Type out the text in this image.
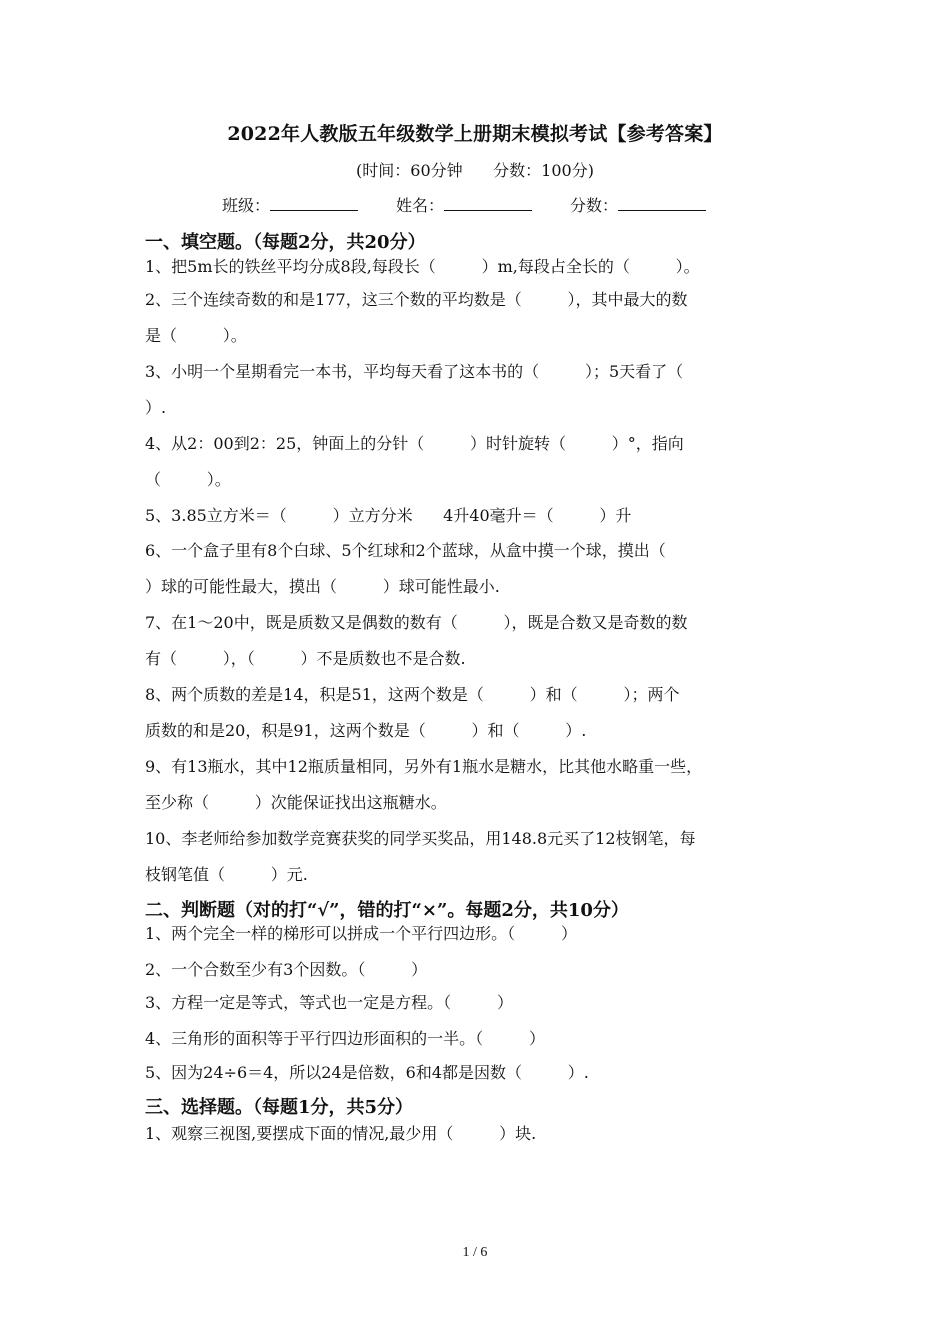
2022年人教版五年级数学上册期末模拟考试【参考答案】
(时间：60分钟      分数：100分)
班级：	姓名：	分数：
一、填空题。（每题2分，共20分）
1、把5m长的铁丝平均分成8段,每段长（         ）m,每段占全长的（         ）。
2、三个连续奇数的和是177，这三个数的平均数是（         ），其中最大的数
是（         ）。
3、小明一个星期看完一本书，平均每天看了这本书的（         ）；5天看了（
）.
4、从2：00到2：25，钟面上的分针（         ）时针旋转（         ）°，指向
（         ）。
5、3.85立方米＝（         ）立方分米      4升40毫升＝（         ）升
6、一个盒子里有8个白球、5个红球和2个蓝球，从盒中摸一个球，摸出（
）球的可能性最大，摸出（         ）球可能性最小.
7、在1～20中，既是质数又是偶数的数有（         ），既是合数又是奇数的数
有（         ），（         ）不是质数也不是合数.
8、两个质数的差是14，积是51，这两个数是（         ）和（         ）；两个
质数的和是20，积是91，这两个数是（         ）和（         ）.
9、有13瓶水，其中12瓶质量相同，另外有1瓶水是糖水，比其他水略重一些，
至少称（         ）次能保证找出这瓶糖水。
10、李老师给参加数学竞赛获奖的同学买奖品，用148.8元买了12枝钢笔，每
枝钢笔值（         ）元.
二、判断题（对的打“√”，错的打“×”。每题2分，共10分）
1、两个完全一样的梯形可以拼成一个平行四边形。（         ）
2、一个合数至少有3个因数。（         ）
3、方程一定是等式，等式也一定是方程。（         ）
4、三角形的面积等于平行四边形面积的一半。（         ）
5、因为24÷6＝4，所以24是倍数，6和4都是因数（         ）.
三、选择题。（每题1分，共5分）
1、观察三视图,要摆成下面的情况,最少用（         ）块.
1 / 6
